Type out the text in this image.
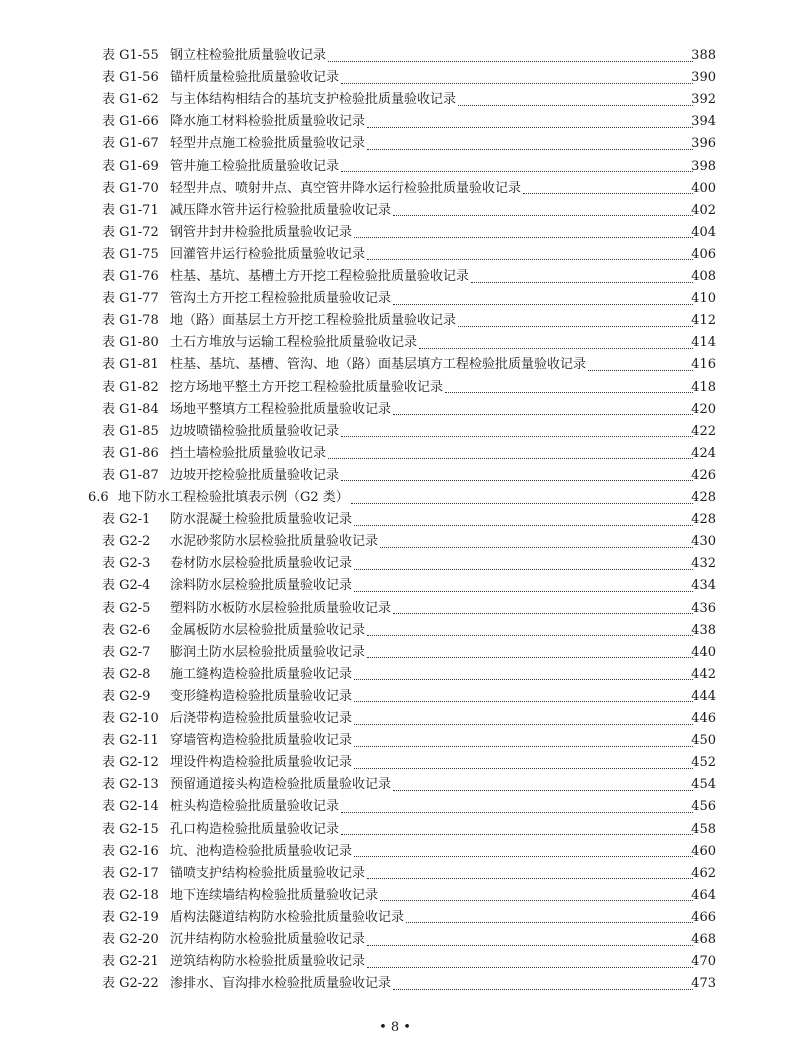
表 G1-55 钢立柱检验批质量验收记录	388
表 G1-56 锚杆质量检验批质量验收记录	390
表 G1-62 与主体结构相结合的基坑支护检验批质量验收记录	392
表 G1-66 降水施工材料检验批质量验收记录	394
表 G1-67 轻型井点施工检验批质量验收记录	396
表 G1-69 管井施工检验批质量验收记录	398
表 G1-70 轻型井点、喷射井点、真空管井降水运行检验批质量验收记录	400
表 G1-71 减压降水管井运行检验批质量验收记录	402
表 G1-72 钢管井封井检验批质量验收记录	404
表 G1-75 回灌管井运行检验批质量验收记录	406
表 G1-76 柱基、基坑、基槽土方开挖工程检验批质量验收记录	408
表 G1-77 管沟土方开挖工程检验批质量验收记录	410
表 G1-78 地（路）面基层土方开挖工程检验批质量验收记录	412
表 G1-80 土石方堆放与运输工程检验批质量验收记录	414
表 G1-81 柱基、基坑、基槽、管沟、地（路）面基层填方工程检验批质量验收记录	416
表 G1-82 挖方场地平整土方开挖工程检验批质量验收记录	418
表 G1-84 场地平整填方工程检验批质量验收记录	420
表 G1-85 边坡喷锚检验批质量验收记录	422
表 G1-86 挡土墙检验批质量验收记录	424
表 G1-87 边坡开挖检验批质量验收记录	426
6.6 地下防水工程检验批填表示例（G2 类）	428
表 G2-1	防水混凝土检验批质量验收记录	428
表 G2-2	水泥砂浆防水层检验批质量验收记录	430
表 G2-3	卷材防水层检验批质量验收记录	432
表 G2-4	涂料防水层检验批质量验收记录	434
表 G2-5	塑料防水板防水层检验批质量验收记录	436
表 G2-6	金属板防水层检验批质量验收记录	438
表 G2-7	膨润土防水层检验批质量验收记录	440
表 G2-8	施工缝构造检验批质量验收记录	442
表 G2-9	变形缝构造检验批质量验收记录	444
表 G2-10 后浇带构造检验批质量验收记录	446
表 G2-11 穿墙管构造检验批质量验收记录	450
表 G2-12 埋设件构造检验批质量验收记录	452
表 G2-13 预留通道接头构造检验批质量验收记录	454
表 G2-14 桩头构造检验批质量验收记录	456
表 G2-15 孔口构造检验批质量验收记录	458
表 G2-16 坑、池构造检验批质量验收记录	460
表 G2-17 锚喷支护结构检验批质量验收记录	462
表 G2-18 地下连续墙结构检验批质量验收记录	464
表 G2-19 盾构法隧道结构防水检验批质量验收记录	466
表 G2-20 沉井结构防水检验批质量验收记录	468
表 G2-21 逆筑结构防水检验批质量验收记录	470
表 G2-22 渗排水、盲沟排水检验批质量验收记录	473
• 8 •
